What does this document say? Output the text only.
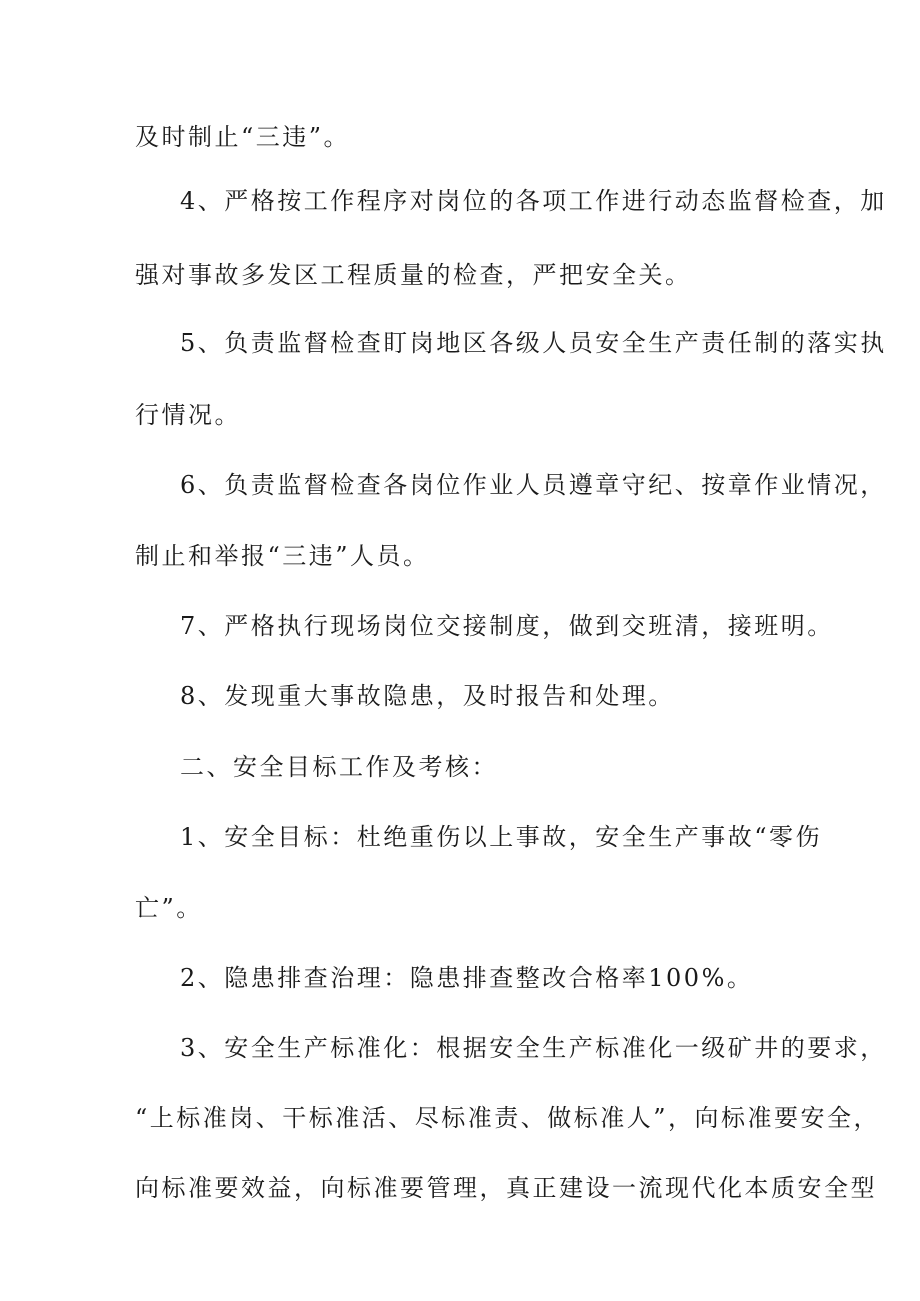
及时制止“三违”。
4、严格按工作程序对岗位的各项工作进行动态监督检查，加
强对事故多发区工程质量的检查，严把安全关。
5、负责监督检查盯岗地区各级人员安全生产责任制的落实执
行情况。
6、负责监督检查各岗位作业人员遵章守纪、按章作业情况，
制止和举报“三违”人员。
7、严格执行现场岗位交接制度，做到交班清，接班明。
8、发现重大事故隐患，及时报告和处理。
二、安全目标工作及考核：
1、安全目标：杜绝重伤以上事故，安全生产事故“零伤
亡”。
2、隐患排查治理：隐患排查整改合格率100%。
3、安全生产标准化：根据安全生产标准化一级矿井的要求，
“上标准岗、干标准活、尽标准责、做标准人”，向标准要安全，
向标准要效益，向标准要管理，真正建设一流现代化本质安全型
